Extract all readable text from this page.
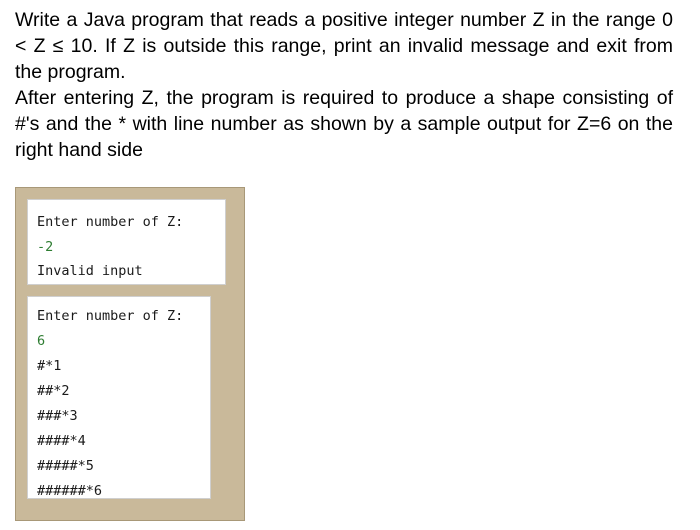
Write a Java program that reads a positive integer number Z in the range 0 < Z ≤ 10. If Z is outside this range, print an invalid message and exit from the program.

After entering Z, the program is required to produce a shape consisting of #'s and the * with line number as shown by a sample output for Z=6 on the right hand side

Enter number of Z:
-2
Invalid input
Enter number of Z:
6
#*1
##*2
###*3
####*4
#####*5
######*6
